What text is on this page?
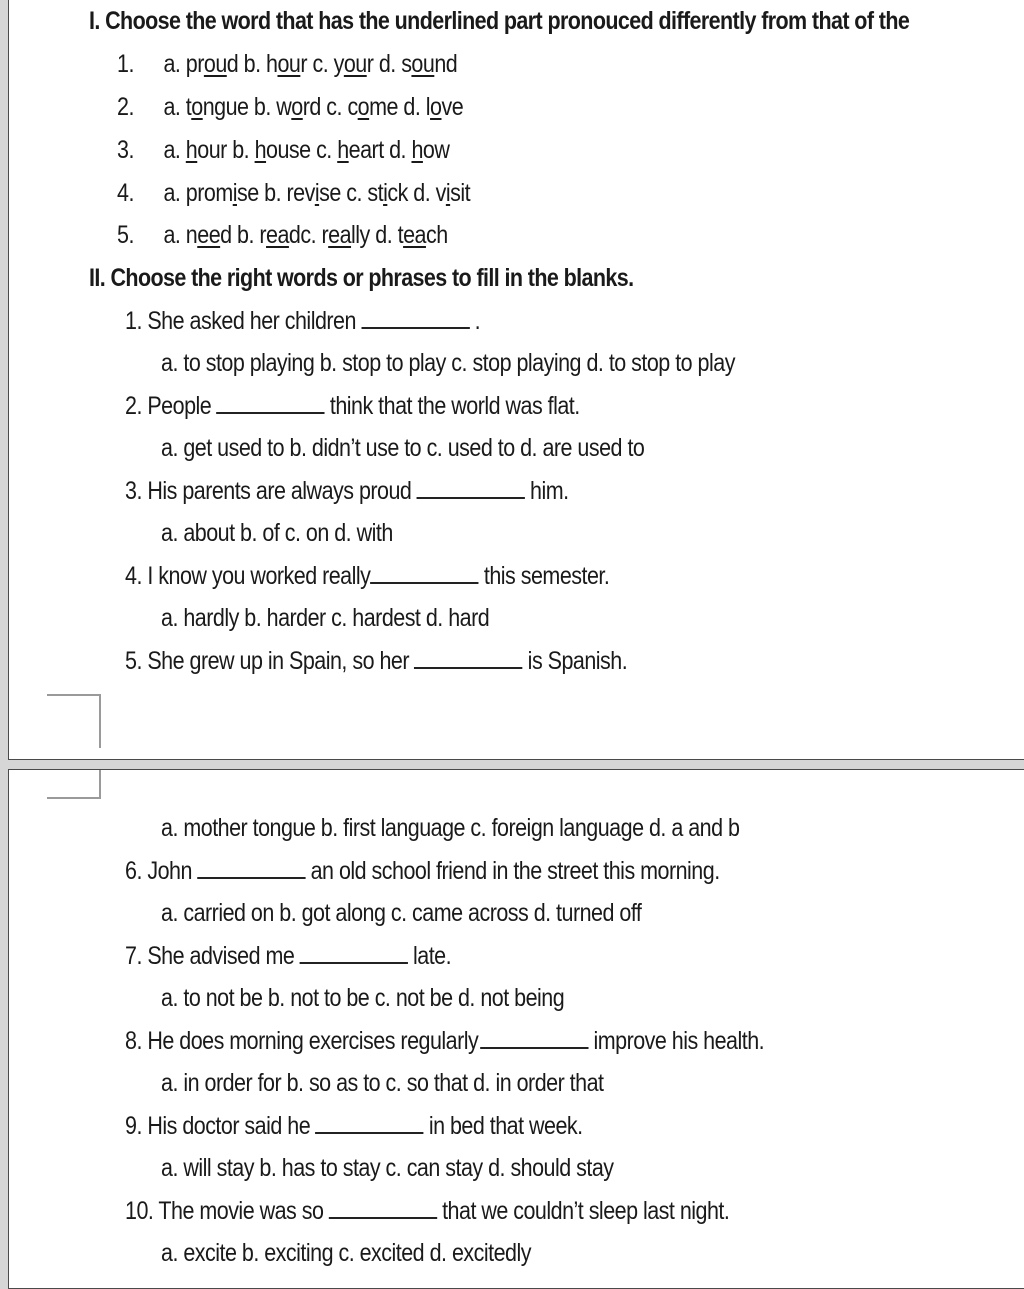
I. Choose the word that has the underlined part pronouced differently from that of the
1. a. proud b. hour c. your d. sound
2. a. tongue b. word c. come d. love
3. a. hour b. house c. heart d. how
4. a. promise b. revise c. stick d. visit
5. a. need b. readc. really d. teach
II. Choose the right words or phrases to fill in the blanks.
1. She asked her children	.
a. to stop playing b. stop to play c. stop playing d. to stop to play
2. People	think that the world was flat.
a. get used to b. didn’t use to c. used to d. are used to
3. His parents are always proud	him.
a. about b. of c. on d. with
4. I know you worked really	this semester.
a. hardly b. harder c. hardest d. hard
5. She grew up in Spain, so her	is Spanish.
a. mother tongue b. first language c. foreign language d. a and b
6. John	an old school friend in the street this morning.
a. carried on b. got along c. came across d. turned off
7. She advised me	late.
a. to not be b. not to be c. not be d. not being
8. He does morning exercises regularly	improve his health.
a. in order for b. so as to c. so that d. in order that
9. His doctor said he	in bed that week.
a. will stay b. has to stay c. can stay d. should stay
10. The movie was so	that we couldn’t sleep last night.
a. excite b. exciting c. excited d. excitedly
